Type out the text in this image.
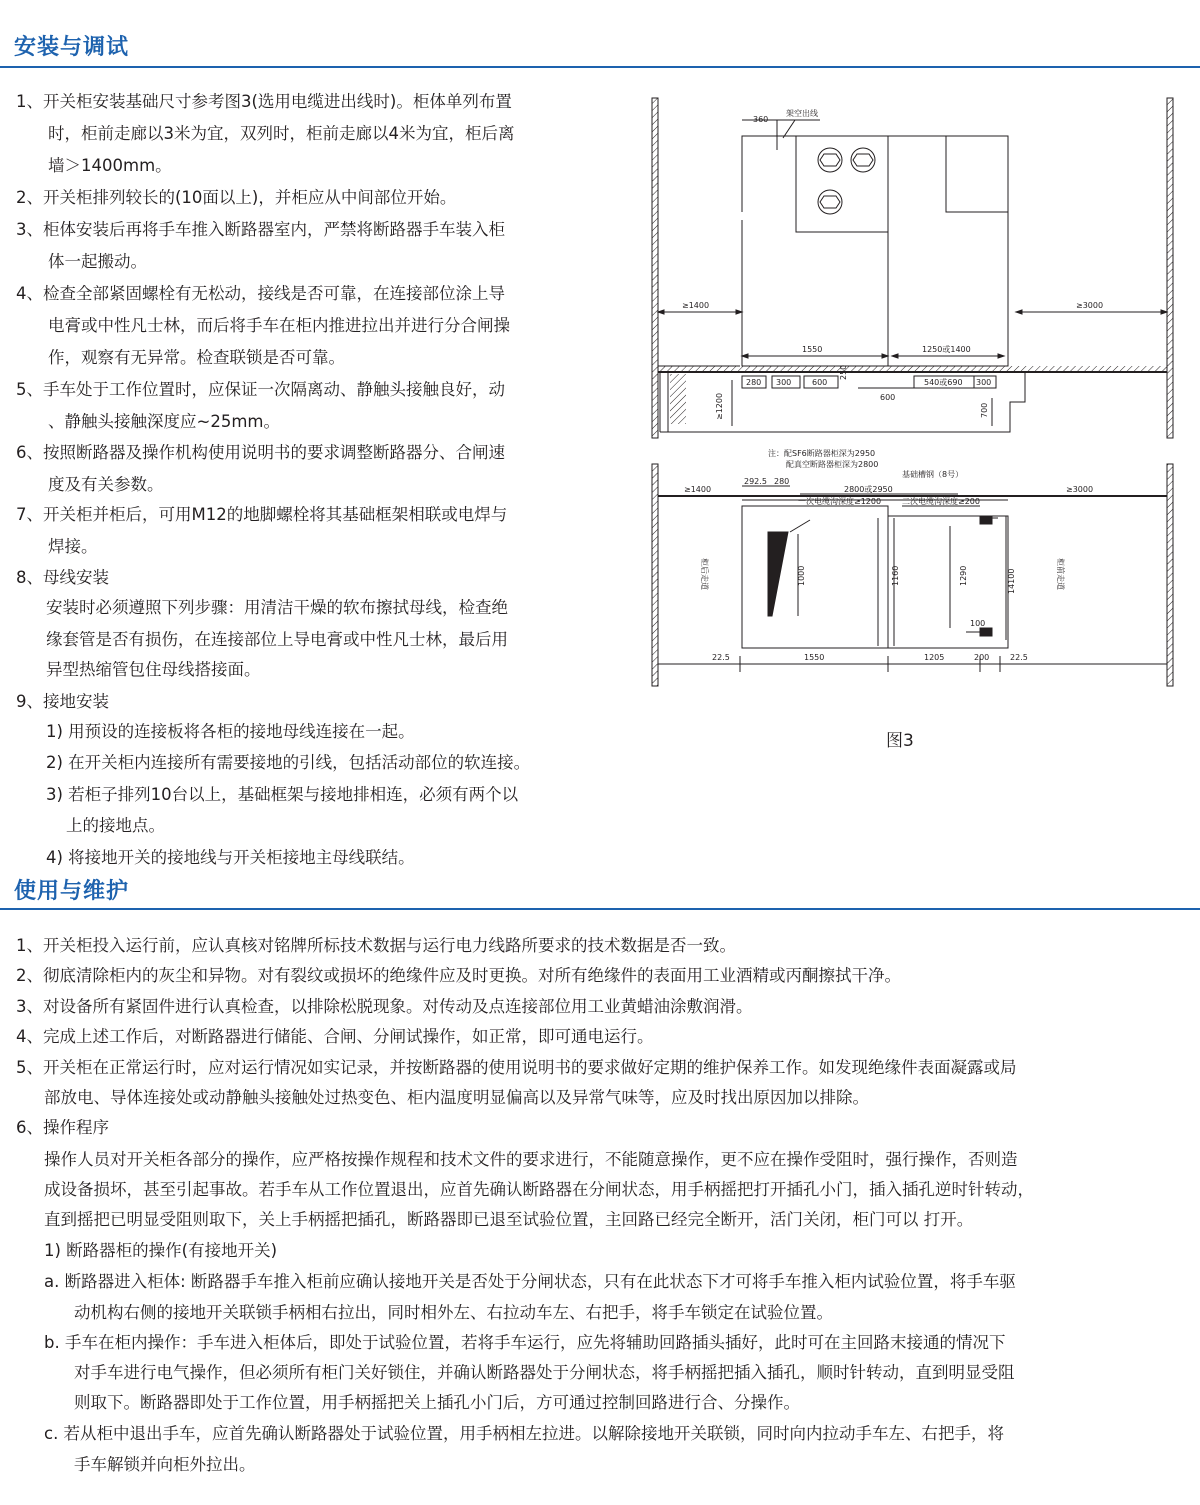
安装与调试
1、开关柜安装基础尺寸参考图3(选用电缆进出线时)。柜体单列布置
时，柜前走廊以3米为宜，双列时，柜前走廊以4米为宜，柜后离
墙＞1400mm。
2、开关柜排列较长的(10面以上)，并柜应从中间部位开始。
3、柜体安装后再将手车推入断路器室内，严禁将断路器手车装入柜
体一起搬动。
4、检查全部紧固螺栓有无松动，接线是否可靠，在连接部位涂上导
电膏或中性凡士林，而后将手车在柜内推进拉出并进行分合闸操
作，观察有无异常。检查联锁是否可靠。
5、手车处于工作位置时，应保证一次隔离动、静触头接触良好，动
、静触头接触深度应~25mm。
6、按照断路器及操作机构使用说明书的要求调整断路器分、合闸速
度及有关参数。
7、开关柜并柜后，可用M12的地脚螺栓将其基础框架相联或电焊与
焊接。
8、母线安装
安装时必须遵照下列步骤：用清洁干燥的软布擦拭母线，检查绝
缘套管是否有损伤，在连接部位上导电膏或中性凡士林，最后用
异型热缩管包住母线搭接面。
9、接地安装
1) 用预设的连接板将各柜的接地母线连接在一起。
2) 在开关柜内连接所有需要接地的引线，包括活动部位的软连接。
3) 若柜子排列10台以上，基础框架与接地排相连，必须有两个以
上的接地点。
4) 将接地开关的接地线与开关柜接地主母线联结。
360
架空出线
≥1400	≥3000
1550	1250或1400
280 300	600
250
540或690 300
600
≥1200	700
注：配SF6断路器柜深为2950
配真空断路器柜深为2800
基础槽钢（8号）
≥1400	≥3000
292.5 280
2800或2950
一次电缆沟深度≥1200	二次电缆沟深度≥200
1000	1160	1290	14100
100
柜后走道	柜前走道
22.5	1550	1205	200	22.5
图3
使用与维护
1、开关柜投入运行前，应认真核对铭牌所标技术数据与运行电力线路所要求的技术数据是否一致。
2、彻底清除柜内的灰尘和异物。对有裂纹或损坏的绝缘件应及时更换。对所有绝缘件的表面用工业酒精或丙酮擦拭干净。
3、对设备所有紧固件进行认真检查，以排除松脱现象。对传动及点连接部位用工业黄蜡油涂敷润滑。
4、完成上述工作后，对断路器进行储能、合闸、分闸试操作，如正常，即可通电运行。
5、开关柜在正常运行时，应对运行情况如实记录，并按断路器的使用说明书的要求做好定期的维护保养工作。如发现绝缘件表面凝露或局
部放电、导体连接处或动静触头接触处过热变色、柜内温度明显偏高以及异常气味等，应及时找出原因加以排除。
6、操作程序
操作人员对开关柜各部分的操作，应严格按操作规程和技术文件的要求进行，不能随意操作，更不应在操作受阻时，强行操作，否则造
成设备损坏，甚至引起事故。若手车从工作位置退出，应首先确认断路器在分闸状态，用手柄摇把打开插孔小门，插入插孔逆时针转动，
直到摇把已明显受阻则取下，关上手柄摇把插孔，断路器即已退至试验位置，主回路已经完全断开，活门关闭，柜门可以 打开。
1) 断路器柜的操作(有接地开关)
a. 断路器进入柜体: 断路器手车推入柜前应确认接地开关是否处于分闸状态，只有在此状态下才可将手车推入柜内试验位置，将手车驱
动机构右侧的接地开关联锁手柄相右拉出，同时相外左、右拉动车左、右把手，将手车锁定在试验位置。
b. 手车在柜内操作：手车进入柜体后，即处于试验位置，若将手车运行，应先将辅助回路插头插好，此时可在主回路末接通的情况下
对手车进行电气操作，但必须所有柜门关好锁住，并确认断路器处于分闸状态，将手柄摇把插入插孔，顺时针转动，直到明显受阻
则取下。断路器即处于工作位置，用手柄摇把关上插孔小门后，方可通过控制回路进行合、分操作。
c. 若从柜中退出手车，应首先确认断路器处于试验位置，用手柄相左拉进。以解除接地开关联锁，同时向内拉动手车左、右把手，将
手车解锁并向柜外拉出。
